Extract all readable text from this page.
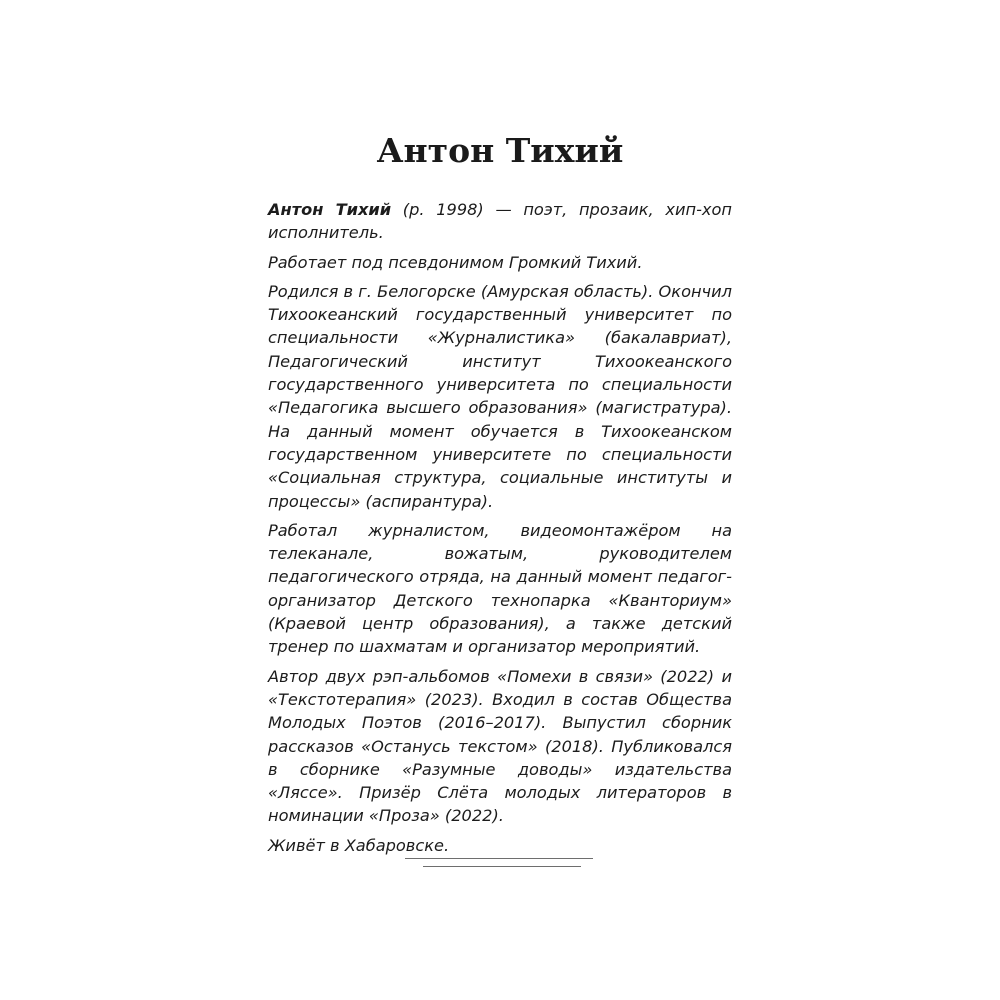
Антон Тихий

Антон Тихий (р. 1998) — поэт, прозаик, хип-хоп исполнитель.

Работает под псевдонимом Громкий Тихий.

Родился в г. Белогорске (Амурская область). Окончил Тихоокеанский государственный университет по специальности «Журналистика» (бакалавриат), Педагогический институт Тихоокеанского государственного университета по специальности «Педагогика высшего образования» (магистратура). На данный момент обучается в Тихоокеанском государственном университете по специальности «Социальная структура, социальные институты и процессы» (аспирантура).

Работал журналистом, видеомонтажёром на телеканале, вожатым, руководителем педагогического отряда, на данный момент педагог-организатор Детского технопарка «Кванториум» (Краевой центр образования), а также детский тренер по шахматам и организатор мероприятий.

Автор двух рэп-альбомов «Помехи в связи» (2022) и «Текстотерапия» (2023). Входил в состав Общества Молодых Поэтов (2016–2017). Выпустил сборник рассказов «Останусь текстом» (2018). Публиковался в сборнике «Разумные доводы» издательства «Ляссе». Призёр Слёта молодых литераторов в номинации «Проза» (2022).

Живёт в Хабаровске.
